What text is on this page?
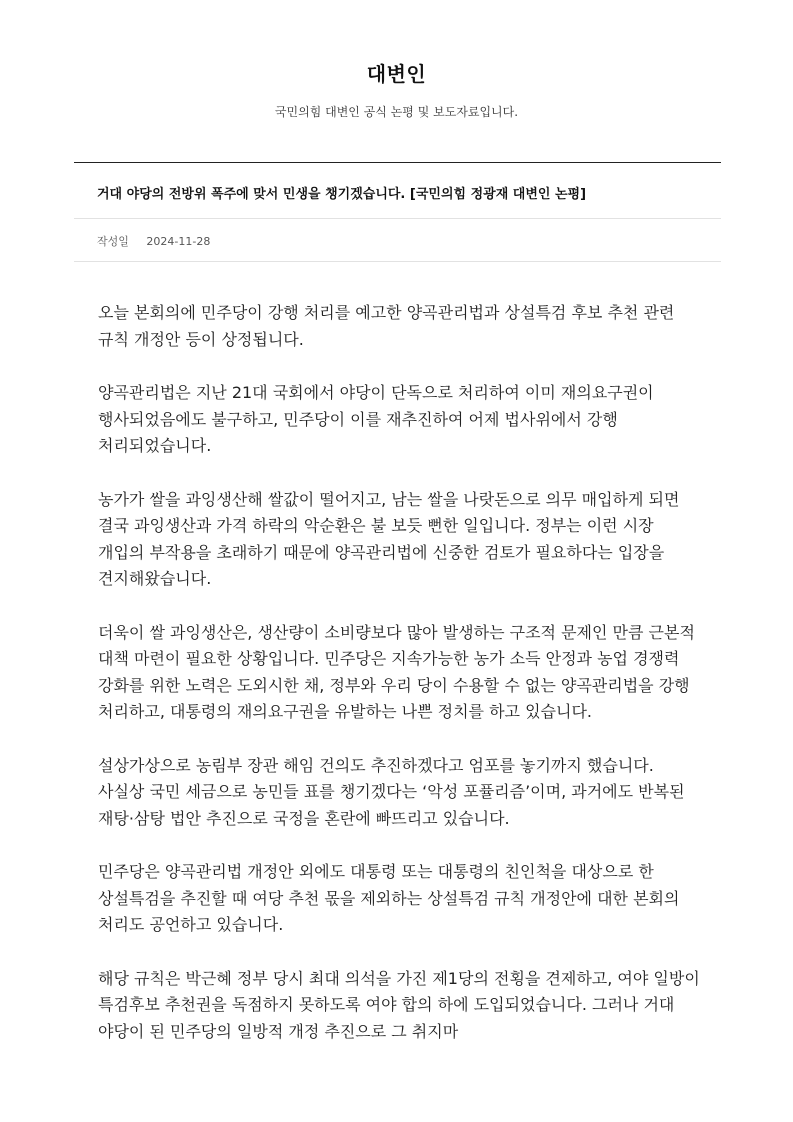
대변인
국민의힘 대변인 공식 논평 및 보도자료입니다.
거대 야당의 전방위 폭주에 맞서 민생을 챙기겠습니다. [국민의힘 정광재 대변인 논평]
작성일 2024-11-28

오늘 본회의에 민주당이 강행 처리를 예고한 양곡관리법과 상설특검 후보 추천 관련 규칙 개정안 등이 상정됩니다.

양곡관리법은 지난 21대 국회에서 야당이 단독으로 처리하여 이미 재의요구권이 행사되었음에도 불구하고, 민주당이 이를 재추진하여 어제 법사위에서 강행 처리되었습니다.

농가가 쌀을 과잉생산해 쌀값이 떨어지고, 남는 쌀을 나랏돈으로 의무 매입하게 되면 결국 과잉생산과 가격 하락의 악순환은 불 보듯 뻔한 일입니다. 정부는 이런 시장 개입의 부작용을 초래하기 때문에 양곡관리법에 신중한 검토가 필요하다는 입장을 견지해왔습니다.

더욱이 쌀 과잉생산은, 생산량이 소비량보다 많아 발생하는 구조적 문제인 만큼 근본적 대책 마련이 필요한 상황입니다. 민주당은 지속가능한 농가 소득 안정과 농업 경쟁력 강화를 위한 노력은 도외시한 채, 정부와 우리 당이 수용할 수 없는 양곡관리법을 강행 처리하고, 대통령의 재의요구권을 유발하는 나쁜 정치를 하고 있습니다.

설상가상으로 농림부 장관 해임 건의도 추진하겠다고 엄포를 놓기까지 했습니다. 사실상 국민 세금으로 농민들 표를 챙기겠다는 ‘악성 포퓰리즘’이며, 과거에도 반복된 재탕·삼탕 법안 추진으로 국정을 혼란에 빠뜨리고 있습니다.

민주당은 양곡관리법 개정안 외에도 대통령 또는 대통령의 친인척을 대상으로 한 상설특검을 추진할 때 여당 추천 몫을 제외하는 상설특검 규칙 개정안에 대한 본회의 처리도 공언하고 있습니다.

해당 규칙은 박근혜 정부 당시 최대 의석을 가진 제1당의 전횡을 견제하고, 여야 일방이 특검후보 추천권을 독점하지 못하도록 여야 합의 하에 도입되었습니다. 그러나 거대 야당이 된 민주당의 일방적 개정 추진으로 그 취지마
